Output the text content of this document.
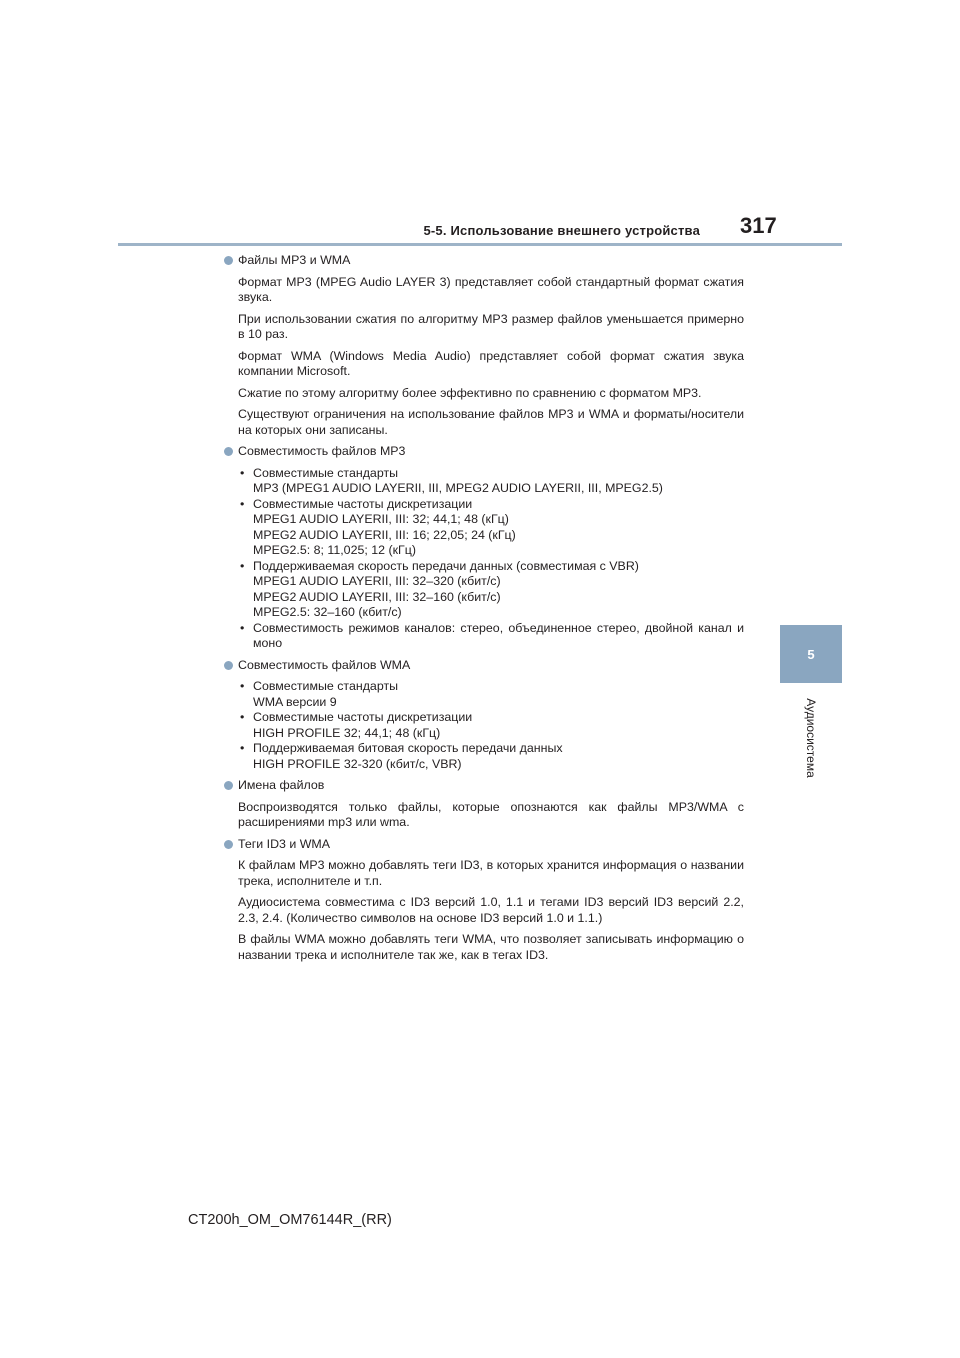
5-5. Использование внешнего устройства 317
5
Аудиосистема
Файлы MP3 и WMA

Формат MP3 (MPEG Audio LAYER 3) представляет собой стандартный формат сжатия звука.

При использовании сжатия по алгоритму MP3 размер файлов уменьшается примерно в 10 раз.

Формат WMA (Windows Media Audio) представляет собой формат сжатия звука компании Microsoft.

Сжатие по этому алгоритму более эффективно по сравнению с форматом MP3.

Существуют ограничения на использование файлов MP3 и WMA и форматы/носители на которых они записаны.

Совместимость файлов MP3
• Совместимые стандарты
MP3 (MPEG1 AUDIO LAYERII, III, MPEG2 AUDIO LAYERII, III, MPEG2.5)
• Совместимые частоты дискретизации
MPEG1 AUDIO LAYERII, III: 32; 44,1; 48 (кГц)
MPEG2 AUDIO LAYERII, III: 16; 22,05; 24 (кГц)
MPEG2.5: 8; 11,025; 12 (кГц)
• Поддерживаемая скорость передачи данных (совместимая с VBR)
MPEG1 AUDIO LAYERII, III: 32–320 (кбит/с)
MPEG2 AUDIO LAYERII, III: 32–160 (кбит/с)
MPEG2.5: 32–160 (кбит/с)
• Совместимость режимов каналов: стерео, объединенное стерео, двойной канал и моно
Совместимость файлов WMA
• Совместимые стандарты
WMA версии 9
• Совместимые частоты дискретизации
HIGH PROFILE 32; 44,1; 48 (кГц)
• Поддерживаемая битовая скорость передачи данных
HIGH PROFILE 32-320 (кбит/с, VBR)
Имена файлов

Воспроизводятся только файлы, которые опознаются как файлы MP3/WMA с расширениями mp3 или wma.

Теги ID3 и WMA

К файлам MP3 можно добавлять теги ID3, в которых хранится информация о названии трека, исполнителе и т.п.

Аудиосистема совместима с ID3 версий 1.0, 1.1 и тегами ID3 версий ID3 версий 2.2, 2.3, 2.4. (Количество символов на основе ID3 версий 1.0 и 1.1.)

В файлы WMA можно добавлять теги WMA, что позволяет записывать информацию о названии трека и исполнителе так же, как в тегах ID3.

CT200h_OM_OM76144R_(RR)
